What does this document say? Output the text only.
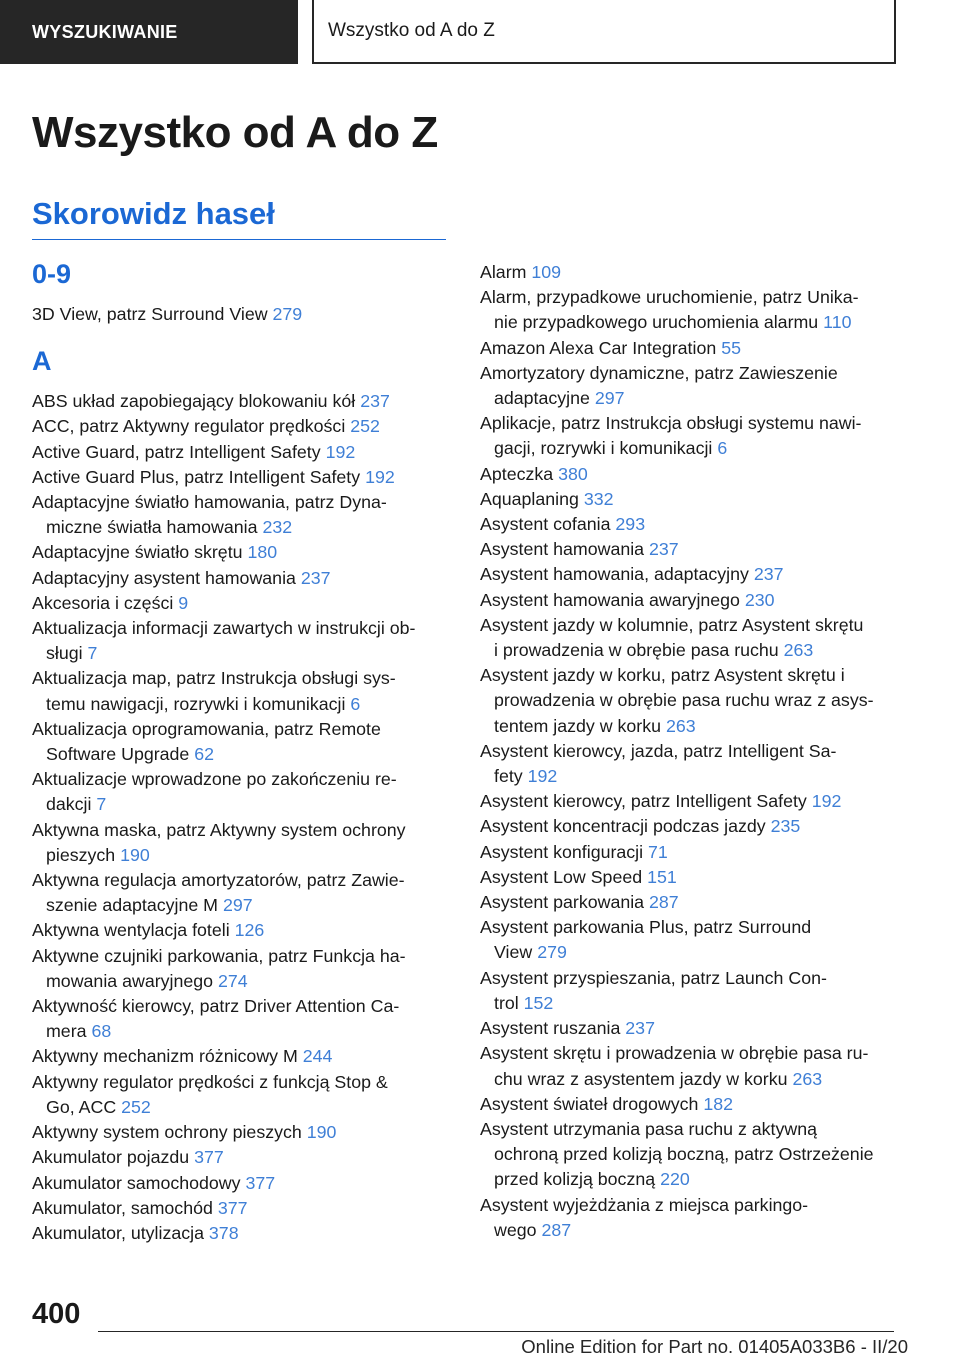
WYSZUKIWANIE	Wszystko od A do Z
Wszystko od A do Z
Skorowidz haseł
0-9

3D View, patrz Surround View 279

A

ABS układ zapobiegający blokowaniu kół 237

ACC, patrz Aktywny regulator prędkości 252

Active Guard, patrz Intelligent Safety 192

Active Guard Plus, patrz Intelligent Safety 192

Adaptacyjne światło hamowania, patrz Dyna-
miczne światła hamowania 232

Adaptacyjne światło skrętu 180

Adaptacyjny asystent hamowania 237

Akcesoria i części 9

Aktualizacja informacji zawartych w instrukcji ob-
sługi 7

Aktualizacja map, patrz Instrukcja obsługi sys-
temu nawigacji, rozrywki i komunikacji 6

Aktualizacja oprogramowania, patrz Remote
Software Upgrade 62

Aktualizacje wprowadzone po zakończeniu re-
dakcji 7

Aktywna maska, patrz Aktywny system ochrony
pieszych 190

Aktywna regulacja amortyzatorów, patrz Zawie-
szenie adaptacyjne M 297

Aktywna wentylacja foteli 126

Aktywne czujniki parkowania, patrz Funkcja ha-
mowania awaryjnego 274

Aktywność kierowcy, patrz Driver Attention Ca-
mera 68

Aktywny mechanizm różnicowy M 244

Aktywny regulator prędkości z funkcją Stop &
Go, ACC 252

Aktywny system ochrony pieszych 190

Akumulator pojazdu 377

Akumulator samochodowy 377

Akumulator, samochód 377

Akumulator, utylizacja 378

Alarm 109

Alarm, przypadkowe uruchomienie, patrz Unika-
nie przypadkowego uruchomienia alarmu 110

Amazon Alexa Car Integration 55

Amortyzatory dynamiczne, patrz Zawieszenie
adaptacyjne 297

Aplikacje, patrz Instrukcja obsługi systemu nawi-
gacji, rozrywki i komunikacji 6

Apteczka 380

Aquaplaning 332

Asystent cofania 293

Asystent hamowania 237

Asystent hamowania, adaptacyjny 237

Asystent hamowania awaryjnego 230

Asystent jazdy w kolumnie, patrz Asystent skrętu
i prowadzenia w obrębie pasa ruchu 263

Asystent jazdy w korku, patrz Asystent skrętu i
prowadzenia w obrębie pasa ruchu wraz z asys-
tentem jazdy w korku 263

Asystent kierowcy, jazda, patrz Intelligent Sa-
fety 192

Asystent kierowcy, patrz Intelligent Safety 192

Asystent koncentracji podczas jazdy 235

Asystent konfiguracji 71

Asystent Low Speed 151

Asystent parkowania 287

Asystent parkowania Plus, patrz Surround
View 279

Asystent przyspieszania, patrz Launch Con-
trol 152

Asystent ruszania 237

Asystent skrętu i prowadzenia w obrębie pasa ru-
chu wraz z asystentem jazdy w korku 263

Asystent świateł drogowych 182

Asystent utrzymania pasa ruchu z aktywną
ochroną przed kolizją boczną, patrz Ostrzeżenie
przed kolizją boczną 220

Asystent wyjeżdżania z miejsca parkingo-
wego 287

400
Online Edition for Part no. 01405A033B6 - II/20
